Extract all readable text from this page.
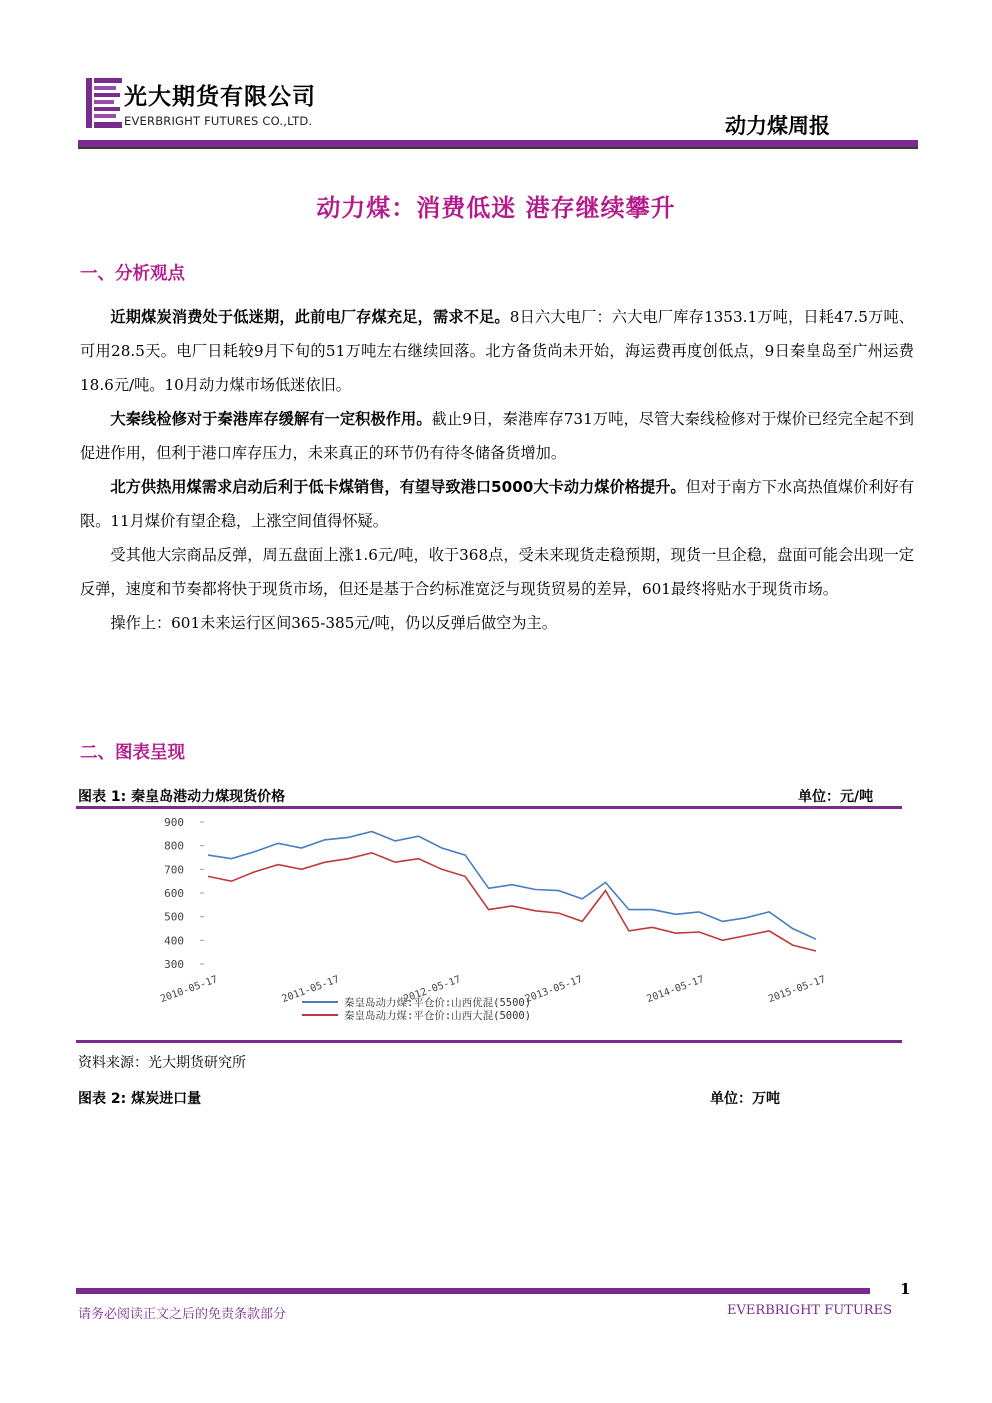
光大期货有限公司
EVERBRIGHT FUTURES CO.,LTD.	动力煤周报
动力煤：消费低迷 港存继续攀升
一、分析观点

近期煤炭消费处于低迷期，此前电厂存煤充足，需求不足。8日六大电厂：六大电厂库存1353.1万吨，日耗47.5万吨、可用28.5天。电厂日耗较9月下旬的51万吨左右继续回落。北方备货尚未开始，海运费再度创低点，9日秦皇岛至广州运费18.6元/吨。10月动力煤市场低迷依旧。

大秦线检修对于秦港库存缓解有一定积极作用。截止9日，秦港库存731万吨，尽管大秦线检修对于煤价已经完全起不到促进作用，但利于港口库存压力，未来真正的环节仍有待冬储备货增加。

北方供热用煤需求启动后利于低卡煤销售，有望导致港口5000大卡动力煤价格提升。但对于南方下水高热值煤价利好有限。11月煤价有望企稳，上涨空间值得怀疑。

受其他大宗商品反弹，周五盘面上涨1.6元/吨，收于368点，受未来现货走稳预期，现货一旦企稳，盘面可能会出现一定反弹，速度和节奏都将快于现货市场，但还是基于合约标准宽泛与现货贸易的差异，601最终将贴水于现货市场。

操作上：601未来运行区间365-385元/吨，仍以反弹后做空为主。

二、图表呈现
图表 1: 秦皇岛港动力煤现货价格	单位：元/吨
900
800
700
600
500
400
300
2010-05-17	2011-05-17	2012-05-17	2013-05-17	2014-05-17	2015-05-17
秦皇岛动力煤:平仓价:山西优混(5500)
秦皇岛动力煤:平仓价:山西大混(5000)
资料来源：光大期货研究所
图表 2: 煤炭进口量	单位：万吨
1
请务必阅读正文之后的免责条款部分	EVERBRIGHT FUTURES
